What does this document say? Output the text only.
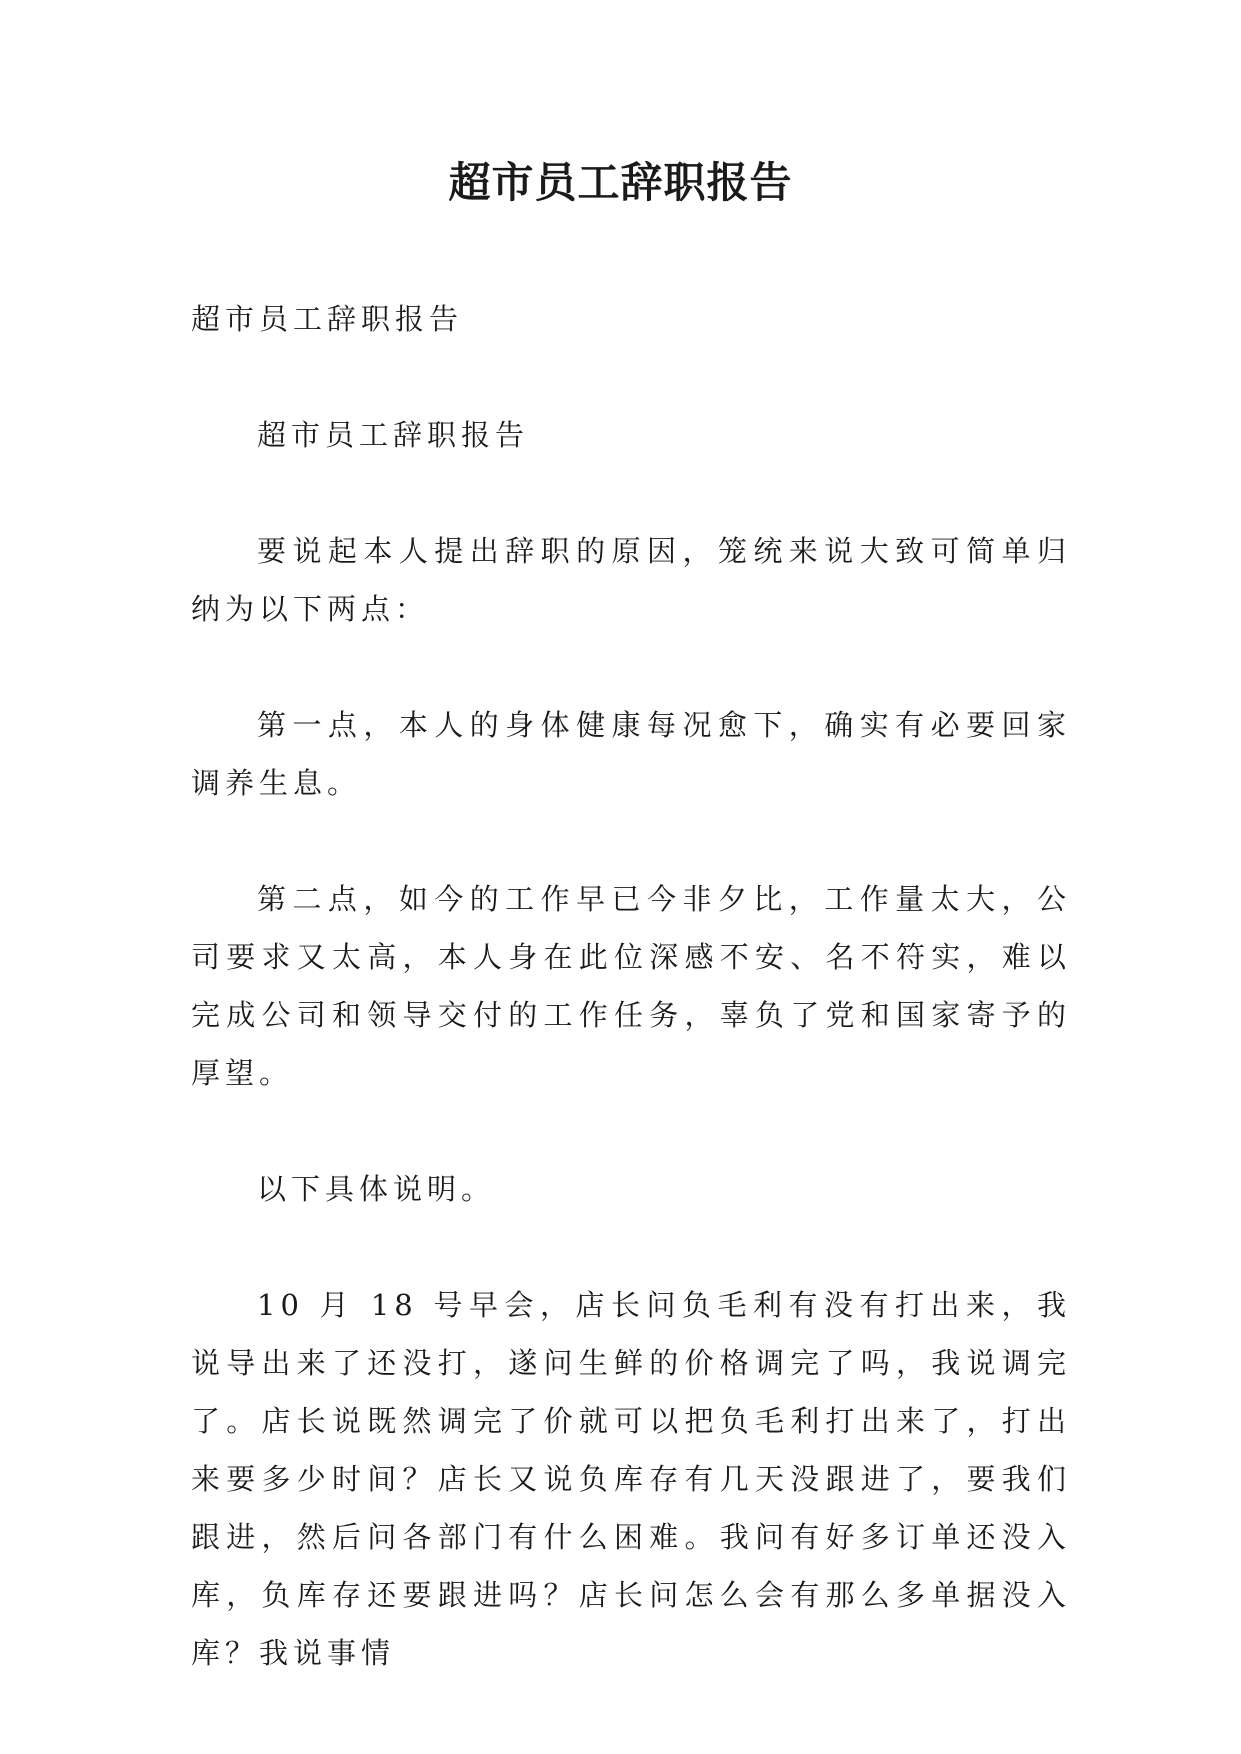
超市员工辞职报告

超市员工辞职报告

超市员工辞职报告

要说起本人提出辞职的原因，笼统来说大致可简单归纳为以下两点：

第一点，本人的身体健康每况愈下，确实有必要回家调养生息。

第二点，如今的工作早已今非夕比，工作量太大，公司要求又太高，本人身在此位深感不安、名不符实，难以完成公司和领导交付的工作任务，辜负了党和国家寄予的厚望。

以下具体说明。

10 月 18 号早会，店长问负毛利有没有打出来，我说导出来了还没打，遂问生鲜的价格调完了吗，我说调完了。店长说既然调完了价就可以把负毛利打出来了，打出来要多少时间？店长又说负库存有几天没跟进了，要我们跟进，然后问各部门有什么困难。我问有好多订单还没入库，负库存还要跟进吗？店长问怎么会有那么多单据没入库？我说事情
